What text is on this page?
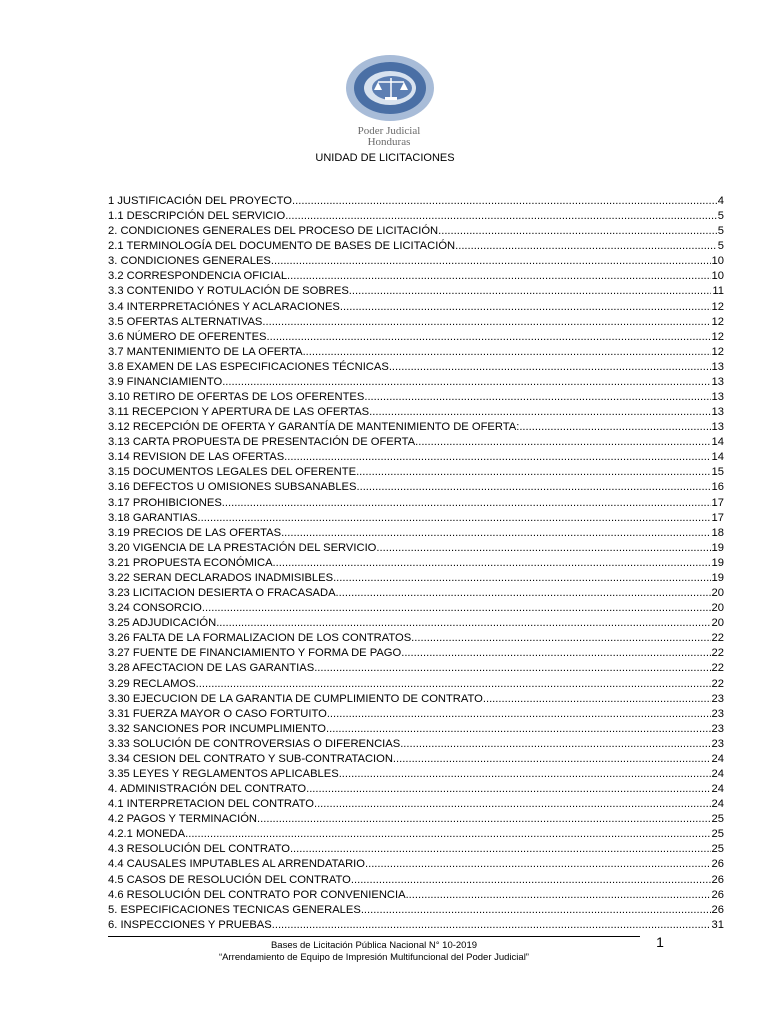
Poder Judicial
Honduras
UNIDAD DE LICITACIONES
1 JUSTIFICACIÓN DEL PROYECTO .....	4
1.1 DESCRIPCIÓN DEL SERVICIO .....	5
2. CONDICIONES GENERALES DEL PROCESO DE LICITACIÓN .....	5
2.1 TERMINOLOGÍA DEL DOCUMENTO DE BASES DE LICITACIÓN .....	5
3. CONDICIONES GENERALES .....	10
3.2 CORRESPONDENCIA OFICIAL .....	10
3.3 CONTENIDO Y ROTULACIÓN DE SOBRES .....	11
3.4 INTERPRETACIÓNES Y ACLARACIONES .....	12
3.5 OFERTAS ALTERNATIVAS .....	12
3.6 NÚMERO DE OFERENTES .....	12
3.7 MANTENIMIENTO DE LA OFERTA .....	12
3.8 EXAMEN DE LAS ESPECIFICACIONES TÉCNICAS .....	13
3.9 FINANCIAMIENTO .....	13
3.10 RETIRO DE OFERTAS DE LOS OFERENTES .....	13
3.11 RECEPCION Y APERTURA DE LAS OFERTAS .....	13
3.12 RECEPCIÓN DE OFERTA Y GARANTÍA DE MANTENIMIENTO DE OFERTA: .....	13
3.13 CARTA PROPUESTA DE PRESENTACIÓN DE OFERTA .....	14
3.14 REVISION DE LAS OFERTAS .....	14
3.15 DOCUMENTOS LEGALES DEL OFERENTE .....	15
3.16 DEFECTOS U OMISIONES SUBSANABLES .....	16
3.17 PROHIBICIONES .....	17
3.18 GARANTIAS .....	17
3.19 PRECIOS DE LAS OFERTAS .....	18
3.20 VIGENCIA DE LA PRESTACIÓN DEL SERVICIO .....	19
3.21 PROPUESTA ECONÓMICA .....	19
3.22 SERAN DECLARADOS INADMISIBLES .....	19
3.23 LICITACION DESIERTA O FRACASADA .....	20
3.24 CONSORCIO .....	20
3.25 ADJUDICACIÓN .....	20
3.26 FALTA DE LA FORMALIZACION DE LOS CONTRATOS .....	22
3.27 FUENTE DE FINANCIAMIENTO Y FORMA DE PAGO .....	22
3.28 AFECTACION DE LAS GARANTIAS .....	22
3.29 RECLAMOS .....	22
3.30 EJECUCION DE LA GARANTIA DE CUMPLIMIENTO DE CONTRATO .....	23
3.31 FUERZA MAYOR O CASO FORTUITO .....	23
3.32 SANCIONES POR INCUMPLIMIENTO .....	23
3.33 SOLUCIÓN DE CONTROVERSIAS O DIFERENCIAS .....	23
3.34 CESION DEL CONTRATO Y SUB-CONTRATACION .....	24
3.35 LEYES Y REGLAMENTOS APLICABLES .....	24
4. ADMINISTRACIÓN DEL CONTRATO .....	24
4.1 INTERPRETACION DEL CONTRATO .....	24
4.2 PAGOS Y TERMINACIÓN .....	25
4.2.1 MONEDA .....	25
4.3 RESOLUCIÓN DEL CONTRATO .....	25
4.4 CAUSALES IMPUTABLES AL ARRENDATARIO .....	26
4.5 CASOS DE RESOLUCIÓN DEL CONTRATO .....	26
4.6 RESOLUCIÓN DEL CONTRATO POR CONVENIENCIA .....	26
5. ESPECIFICACIONES TECNICAS GENERALES .....	26
6. INSPECCIONES Y PRUEBAS .....	31
Bases de Licitación Pública Nacional N° 10-2019
“Arrendamiento de Equipo de Impresión Multifuncional del Poder Judicial”
1
